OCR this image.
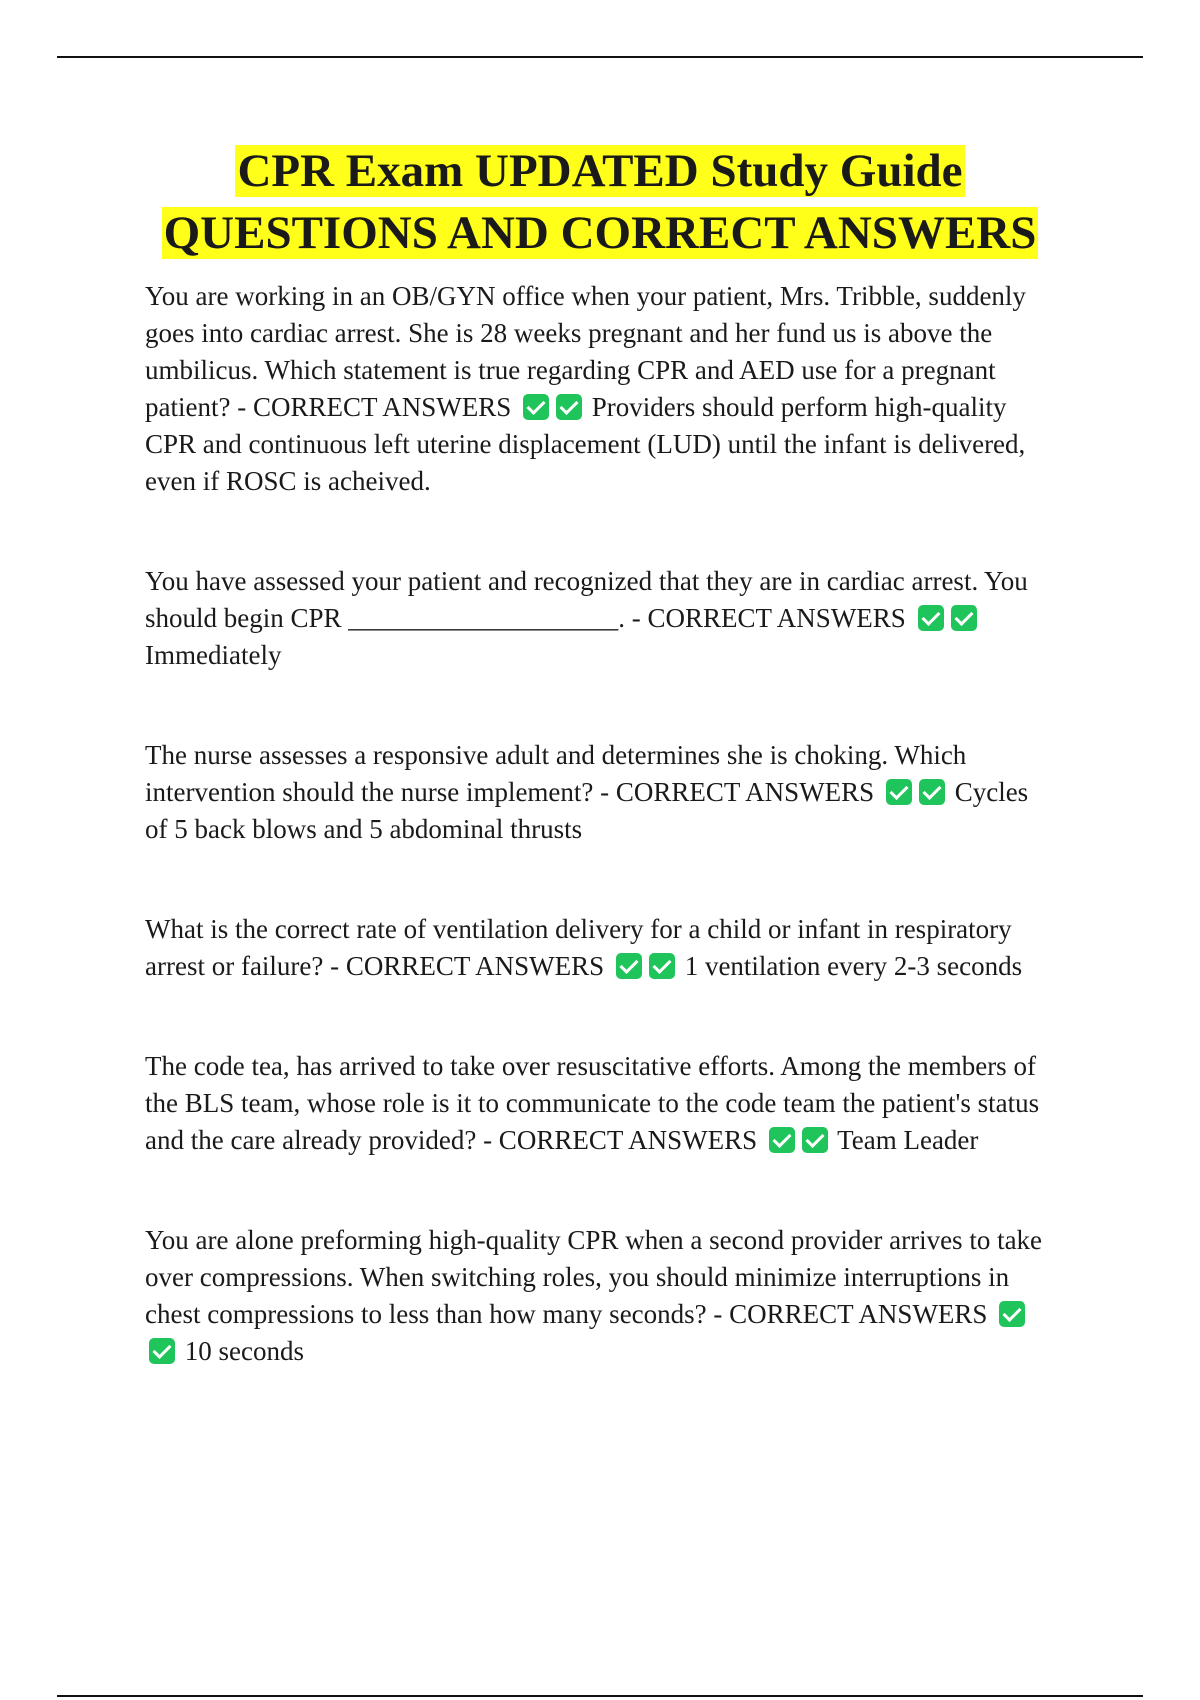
CPR Exam UPDATED Study Guide
QUESTIONS AND CORRECT ANSWERS

You are working in an OB/GYN office when your patient, Mrs. Tribble, suddenly goes into cardiac arrest. She is 28 weeks pregnant and her fund us is above the umbilicus. Which statement is true regarding CPR and AED use for a pregnant patient? - CORRECT ANSWERS	Providers should perform high-quality CPR and continuous left uterine displacement (LUD) until the infant is delivered, even if ROSC is acheived.

You have assessed your patient and recognized that they are in cardiac arrest. You should begin CPR ____________________. - CORRECT ANSWERS  Immediately

The nurse assesses a responsive adult and determines she is choking. Which intervention should the nurse implement? - CORRECT ANSWERS	Cycles of 5 back blows and 5 abdominal thrusts

What is the correct rate of ventilation delivery for a child or infant in respiratory arrest or failure? - CORRECT ANSWERS	1 ventilation every 2-3 seconds

The code tea, has arrived to take over resuscitative efforts. Among the members of the BLS team, whose role is it to communicate to the code team the patient's status and the care already provided? - CORRECT ANSWERS	Team Leader

You are alone preforming high-quality CPR when a second provider arrives to take over compressions. When switching roles, you should minimize interruptions in chest compressions to less than how many seconds? - CORRECT ANSWERS  10 seconds
